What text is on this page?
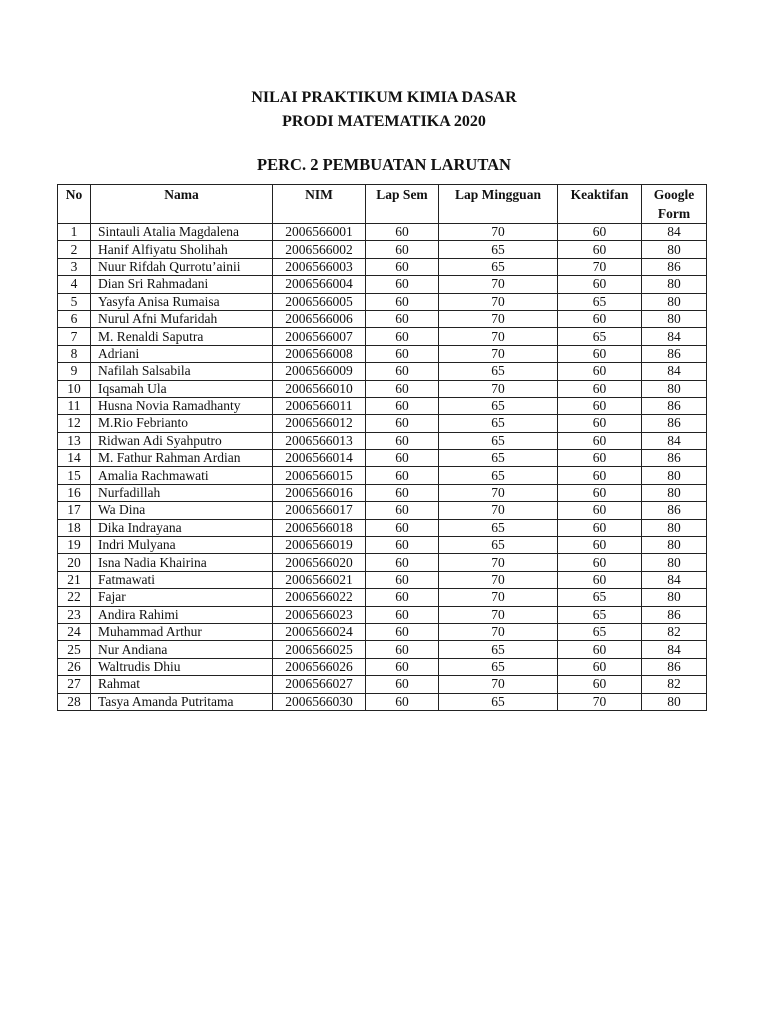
NILAI PRAKTIKUM KIMIA DASAR
PRODI MATEMATIKA 2020
PERC. 2 PEMBUATAN LARUTAN
No	Nama	NIM	Lap Sem	Lap Mingguan	Keaktifan	Google
Form
1	Sintauli Atalia Magdalena	2006566001	60	70	60	84
2	Hanif Alfiyatu Sholihah	2006566002	60	65	60	80
3	Nuur Rifdah Qurrotu’ainii	2006566003	60	65	70	86
4	Dian Sri Rahmadani	2006566004	60	70	60	80
5	Yasyfa Anisa Rumaisa	2006566005	60	70	65	80
6	Nurul Afni Mufaridah	2006566006	60	70	60	80
7	M. Renaldi Saputra	2006566007	60	70	65	84
8	Adriani	2006566008	60	70	60	86
9	Nafilah Salsabila	2006566009	60	65	60	84
10	Iqsamah Ula	2006566010	60	70	60	80
11	Husna Novia Ramadhanty	2006566011	60	65	60	86
12	M.Rio Febrianto	2006566012	60	65	60	86
13	Ridwan Adi Syahputro	2006566013	60	65	60	84
14	M. Fathur Rahman Ardian	2006566014	60	65	60	86
15	Amalia Rachmawati	2006566015	60	65	60	80
16	Nurfadillah	2006566016	60	70	60	80
17	Wa Dina	2006566017	60	70	60	86
18	Dika Indrayana	2006566018	60	65	60	80
19	Indri Mulyana	2006566019	60	65	60	80
20	Isna Nadia Khairina	2006566020	60	70	60	80
21	Fatmawati	2006566021	60	70	60	84
22	Fajar	2006566022	60	70	65	80
23	Andira Rahimi	2006566023	60	70	65	86
24	Muhammad Arthur	2006566024	60	70	65	82
25	Nur Andiana	2006566025	60	65	60	84
26	Waltrudis Dhiu	2006566026	60	65	60	86
27	Rahmat	2006566027	60	70	60	82
28	Tasya Amanda Putritama	2006566030	60	65	70	80
